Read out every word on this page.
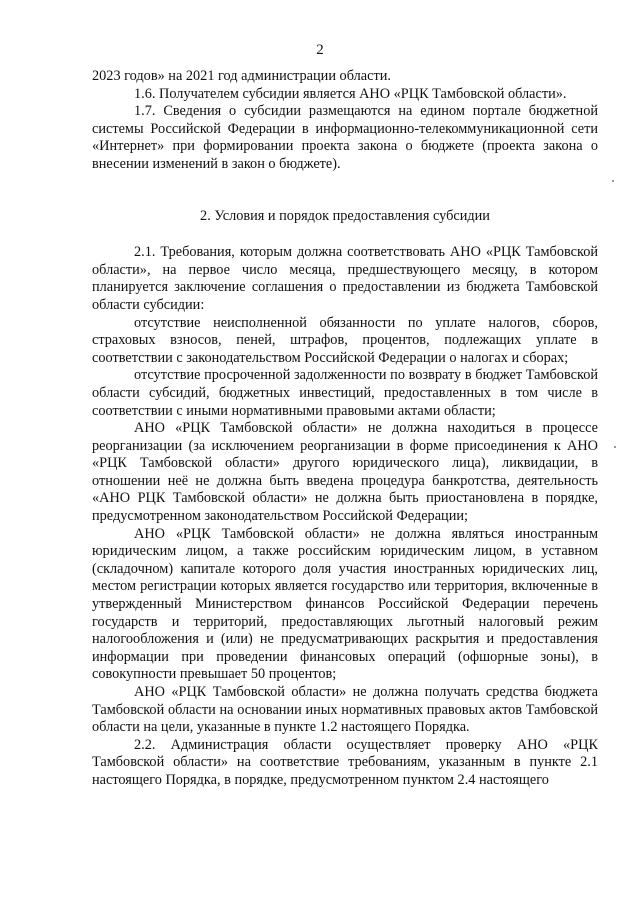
2

2023 годов» на 2021 год администрации области.

1.6. Получателем субсидии является АНО «РЦК Тамбовской области».

1.7. Сведения о субсидии размещаются на едином портале бюджетной системы Российской Федерации в информационно-телекоммуникационной сети «Интернет» при формировании проекта закона о бюджете (проекта закона о внесении изменений в закон о бюджете).

2. Условия и порядок предоставления субсидии

2.1. Требования, которым должна соответствовать АНО «РЦК Тамбовской области», на первое число месяца, предшествующего месяцу, в котором планируется заключение соглашения о предоставлении из бюджета Тамбовской области субсидии:

отсутствие неисполненной обязанности по уплате налогов, сборов, страховых взносов, пеней, штрафов, процентов, подлежащих уплате в соответствии с законодательством Российской Федерации о налогах и сборах;

отсутствие просроченной задолженности по возврату в бюджет Тамбовской области субсидий, бюджетных инвестиций, предоставленных в том числе в соответствии с иными нормативными правовыми актами области;

АНО «РЦК Тамбовской области» не должна находиться в процессе реорганизации (за исключением реорганизации в форме присоединения к АНО «РЦК Тамбовской области» другого юридического лица), ликвидации, в отношении неё не должна быть введена процедура банкротства, деятельность «АНО РЦК Тамбовской области» не должна быть приостановлена в порядке, предусмотренном законодательством Российской Федерации;

АНО «РЦК Тамбовской области» не должна являться иностранным юридическим лицом, а также российским юридическим лицом, в уставном (складочном) капитале которого доля участия иностранных юридических лиц, местом регистрации которых является государство или территория, включенные в утвержденный Министерством финансов Российской Федерации перечень государств и территорий, предоставляющих льготный налоговый режим налогообложения и (или) не предусматривающих раскрытия и предоставления информации при проведении финансовых операций (офшорные зоны), в совокупности превышает 50 процентов;

АНО «РЦК Тамбовской области» не должна получать средства бюджета Тамбовской области на основании иных нормативных правовых актов Тамбовской области на цели, указанные в пункте 1.2 настоящего Порядка.

2.2. Администрация области осуществляет проверку АНО «РЦК Тамбовской области» на соответствие требованиям, указанным в пункте 2.1 настоящего Порядка, в порядке, предусмотренном пунктом 2.4 настоящего
